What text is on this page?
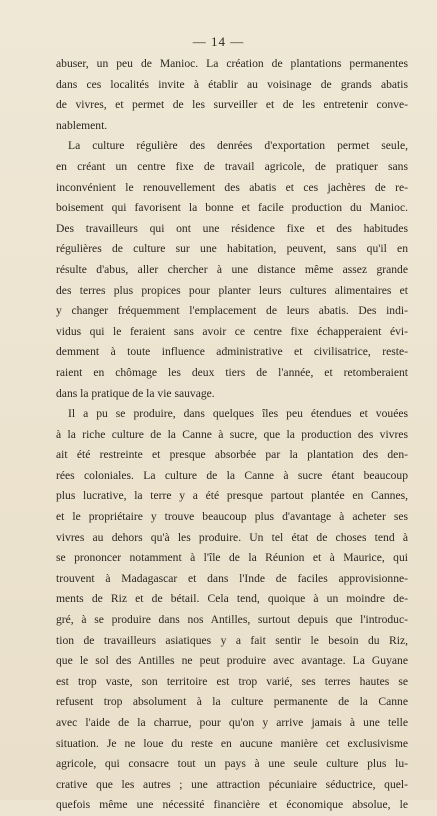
— 14 —
abuser, un peu de Manioc. La création de plantations permanentes
dans ces localités invite à établir au voisinage de grands abatis
de vivres, et permet de les surveiller et de les entretenir conve-
nablement.
La culture régulière des denrées d'exportation permet seule,
en créant un centre fixe de travail agricole, de pratiquer sans
inconvénient le renouvellement des abatis et ces jachères de re-
boisement qui favorisent la bonne et facile production du Manioc.
Des travailleurs qui ont une résidence fixe et des habitudes
régulières de culture sur une habitation, peuvent, sans qu'il en
résulte d'abus, aller chercher à une distance même assez grande
des terres plus propices pour planter leurs cultures alimentaires et
y changer fréquemment l'emplacement de leurs abatis. Des indi-
vidus qui le feraient sans avoir ce centre fixe échapperaient évi-
demment à toute influence administrative et civilisatrice, reste-
raient en chômage les deux tiers de l'année, et retomberaient
dans la pratique de la vie sauvage.
Il a pu se produire, dans quelques îles peu étendues et vouées
à la riche culture de la Canne à sucre, que la production des vivres
ait été restreinte et presque absorbée par la plantation des den-
rées coloniales. La culture de la Canne à sucre étant beaucoup
plus lucrative, la terre y a été presque partout plantée en Cannes,
et le propriétaire y trouve beaucoup plus d'avantage à acheter ses
vivres au dehors qu'à les produire. Un tel état de choses tend à
se prononcer notamment à l'île de la Réunion et à Maurice, qui
trouvent à Madagascar et dans l'Inde de faciles approvisionne-
ments de Riz et de bétail. Cela tend, quoique à un moindre de-
gré, à se produire dans nos Antilles, surtout depuis que l'introduc-
tion de travailleurs asiatiques y a fait sentir le besoin du Riz,
que le sol des Antilles ne peut produire avec avantage. La Guyane
est trop vaste, son territoire est trop varié, ses terres hautes se
refusent trop absolument à la culture permanente de la Canne
avec l'aide de la charrue, pour qu'on y arrive jamais à une telle
situation. Je ne loue du reste en aucune manière cet exclusivisme
agricole, qui consacre tout un pays à une seule culture plus lu-
crative que les autres ; une attraction pécuniaire séductrice, quel-
quefois même une nécessité financière et économique absolue, le
